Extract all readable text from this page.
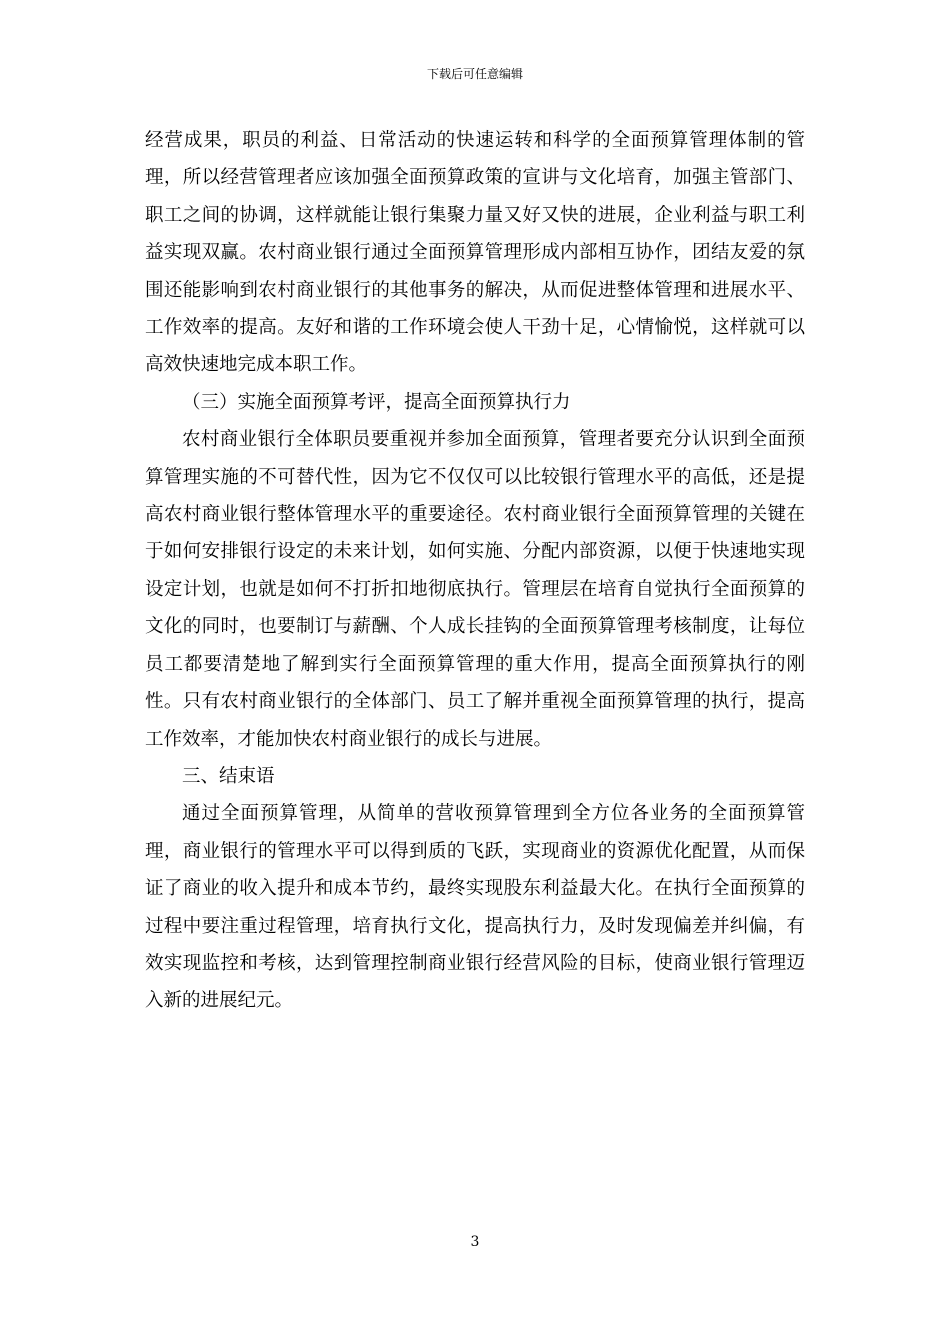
下载后可任意编辑

经营成果，职员的利益、日常活动的快速运转和科学的全面预算管理体制的管理，所以经营管理者应该加强全面预算政策的宣讲与文化培育，加强主管部门、职工之间的协调，这样就能让银行集聚力量又好又快的进展，企业利益与职工利益实现双赢。农村商业银行通过全面预算管理形成内部相互协作，团结友爱的氛围还能影响到农村商业银行的其他事务的解决，从而促进整体管理和进展水平、工作效率的提高。友好和谐的工作环境会使人干劲十足，心情愉悦，这样就可以高效快速地完成本职工作。

（三）实施全面预算考评，提高全面预算执行力

农村商业银行全体职员要重视并参加全面预算，管理者要充分认识到全面预算管理实施的不可替代性，因为它不仅仅可以比较银行管理水平的高低，还是提高农村商业银行整体管理水平的重要途径。农村商业银行全面预算管理的关键在于如何安排银行设定的未来计划，如何实施、分配内部资源，以便于快速地实现设定计划，也就是如何不打折扣地彻底执行。管理层在培育自觉执行全面预算的文化的同时，也要制订与薪酬、个人成长挂钩的全面预算管理考核制度，让每位员工都要清楚地了解到实行全面预算管理的重大作用，提高全面预算执行的刚性。只有农村商业银行的全体部门、员工了解并重视全面预算管理的执行，提高工作效率，才能加快农村商业银行的成长与进展。

三、结束语

通过全面预算管理，从简单的营收预算管理到全方位各业务的全面预算管理，商业银行的管理水平可以得到质的飞跃，实现商业的资源优化配置，从而保证了商业的收入提升和成本节约，最终实现股东利益最大化。在执行全面预算的过程中要注重过程管理，培育执行文化，提高执行力，及时发现偏差并纠偏，有效实现监控和考核，达到管理控制商业银行经营风险的目标，使商业银行管理迈入新的进展纪元。

3
